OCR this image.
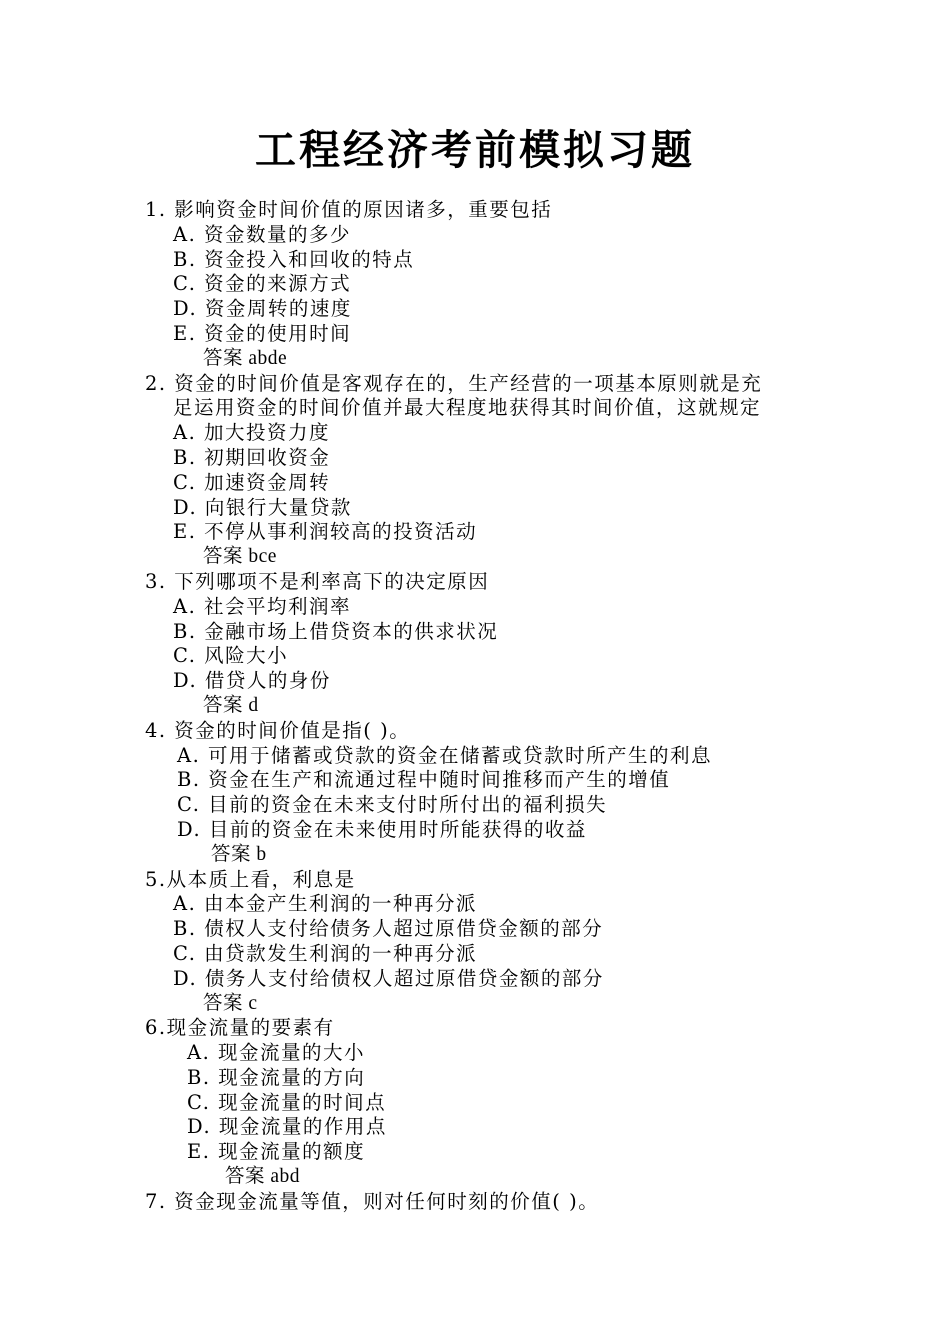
工程经济考前模拟习题
1. 影响资金时间价值的原因诸多，重要包括
A. 资金数量的多少
B. 资金投入和回收的特点
C. 资金的来源方式
D. 资金周转的速度
E. 资金的使用时间
答案 abde
2. 资金的时间价值是客观存在的，生产经营的一项基本原则就是充
足运用资金的时间价值并最大程度地获得其时间价值，这就规定
A. 加大投资力度
B. 初期回收资金
C. 加速资金周转
D. 向银行大量贷款
E. 不停从事利润较高的投资活动
答案 bce
3. 下列哪项不是利率高下的决定原因
A. 社会平均利润率
B. 金融市场上借贷资本的供求状况
C. 风险大小
D. 借贷人的身份
答案 d
4. 资金的时间价值是指( )。
A. 可用于储蓄或贷款的资金在储蓄或贷款时所产生的利息
B. 资金在生产和流通过程中随时间推移而产生的增值
C. 目前的资金在未来支付时所付出的福利损失
D. 目前的资金在未来使用时所能获得的收益
答案 b
5.从本质上看，利息是
A. 由本金产生利润的一种再分派
B. 债权人支付给债务人超过原借贷金额的部分
C. 由贷款发生利润的一种再分派
D. 债务人支付给债权人超过原借贷金额的部分
答案 c
6.现金流量的要素有
A. 现金流量的大小
B. 现金流量的方向
C. 现金流量的时间点
D. 现金流量的作用点
E. 现金流量的额度
答案 abd
7. 资金现金流量等值，则对任何时刻的价值( )。
